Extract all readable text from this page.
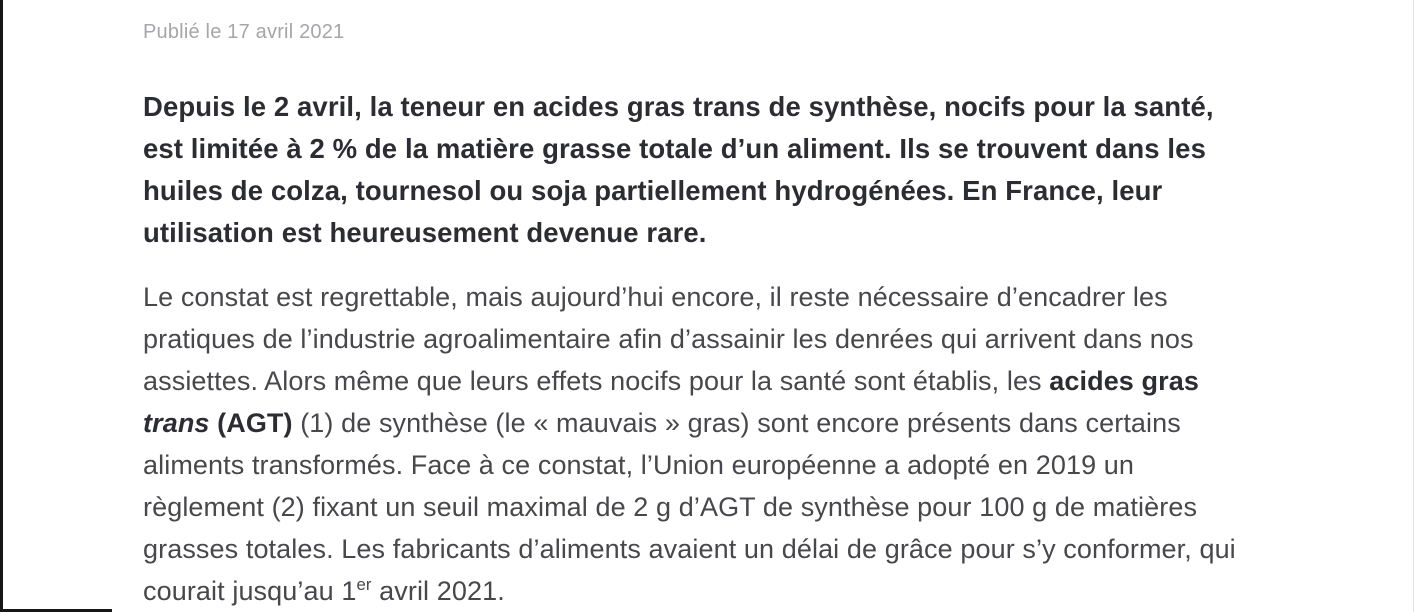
Publié le 17 avril 2021

Depuis le 2 avril, la teneur en acides gras trans de synthèse, nocifs pour la santé, est limitée à 2 % de la matière grasse totale d’un aliment. Ils se trouvent dans les huiles de colza, tournesol ou soja partiellement hydrogénées. En France, leur utilisation est heureusement devenue rare.

Le constat est regrettable, mais aujourd’hui encore, il reste nécessaire d’encadrer les pratiques de l’industrie agroalimentaire afin d’assainir les denrées qui arrivent dans nos assiettes. Alors même que leurs effets nocifs pour la santé sont établis, les acides gras trans (AGT) (1) de synthèse (le « mauvais » gras) sont encore présents dans certains aliments transformés. Face à ce constat, l’Union européenne a adopté en 2019 un règlement (2) fixant un seuil maximal de 2 g d’AGT de synthèse pour 100 g de matières grasses totales. Les fabricants d’aliments avaient un délai de grâce pour s’y conformer, qui courait jusqu’au 1er avril 2021.
